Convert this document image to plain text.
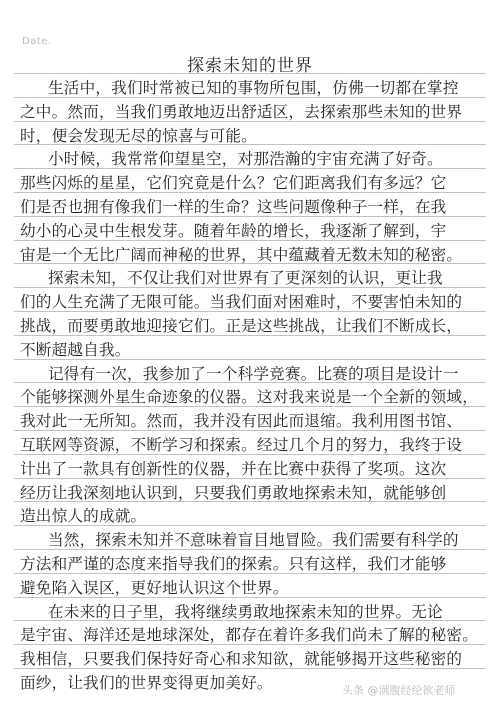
Date.
探索未知的世界
生活中，我们时常被已知的事物所包围，仿佛一切都在掌控
之中。然而，当我们勇敢地迈出舒适区，去探索那些未知的世界
时，便会发现无尽的惊喜与可能。
小时候，我常常仰望星空，对那浩瀚的宇宙充满了好奇。
那些闪烁的星星，它们究竟是什么？它们距离我们有多远？它
们是否也拥有像我们一样的生命？这些问题像种子一样，在我
幼小的心灵中生根发芽。随着年龄的增长，我逐渐了解到，宇
宙是一个无比广阔而神秘的世界，其中蕴藏着无数未知的秘密。
探索未知，不仅让我们对世界有了更深刻的认识，更让我
们的人生充满了无限可能。当我们面对困难时，不要害怕未知的
挑战，而要勇敢地迎接它们。正是这些挑战，让我们不断成长，
不断超越自我。
记得有一次，我参加了一个科学竞赛。比赛的项目是设计一
个能够探测外星生命迹象的仪器。这对我来说是一个全新的领域，
我对此一无所知。然而，我并没有因此而退缩。我利用图书馆、
互联网等资源，不断学习和探索。经过几个月的努力，我终于设
计出了一款具有创新性的仪器，并在比赛中获得了奖项。这次
经历让我深刻地认识到，只要我们勇敢地探索未知，就能够创
造出惊人的成就。
当然，探索未知并不意味着盲目地冒险。我们需要有科学的
方法和严谨的态度来指导我们的探索。只有这样，我们才能够
避免陷入误区，更好地认识这个世界。
在未来的日子里，我将继续勇敢地探索未知的世界。无论
是宇宙、海洋还是地球深处，都存在着许多我们尚未了解的秘密。
我相信，只要我们保持好奇心和求知欲，就能够揭开这些秘密的
面纱，让我们的世界变得更加美好。	头条 @满腹经纶欲老师
